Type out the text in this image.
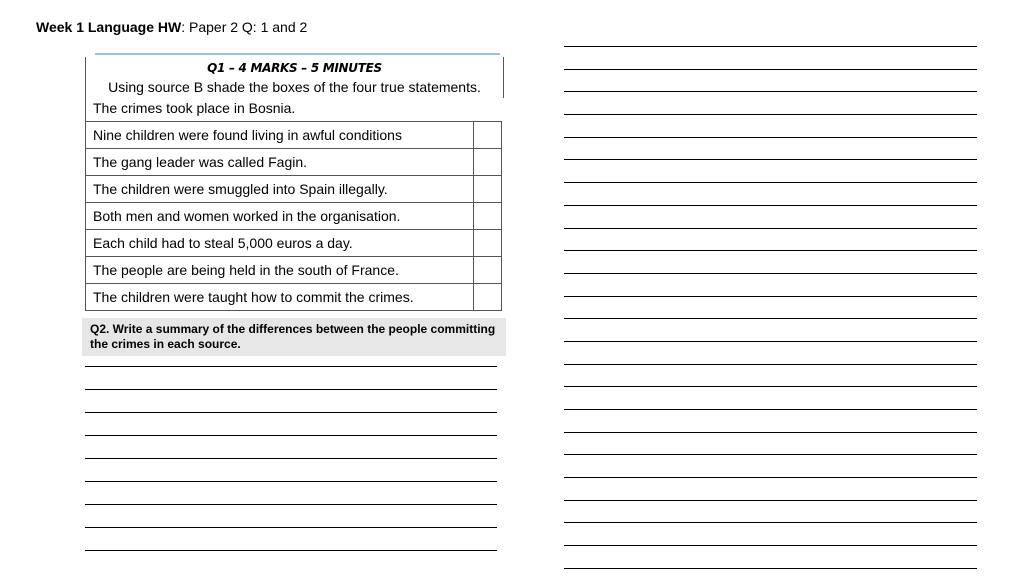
Week 1 Language HW: Paper 2 Q: 1 and 2
Q1 – 4 MARKS – 5 MINUTES
Using source B shade the boxes of the four true statements.
The crimes took place in Bosnia.	
Nine children were found living in awful conditions	
The gang leader was called Fagin.	
The children were smuggled into Spain illegally.	
Both men and women worked in the organisation.	
Each child had to steal 5,000 euros a day.	
The people are being held in the south of France.	
The children were taught how to commit the crimes.	
Q2. Write a summary of the differences between the people committing the crimes in each source.
